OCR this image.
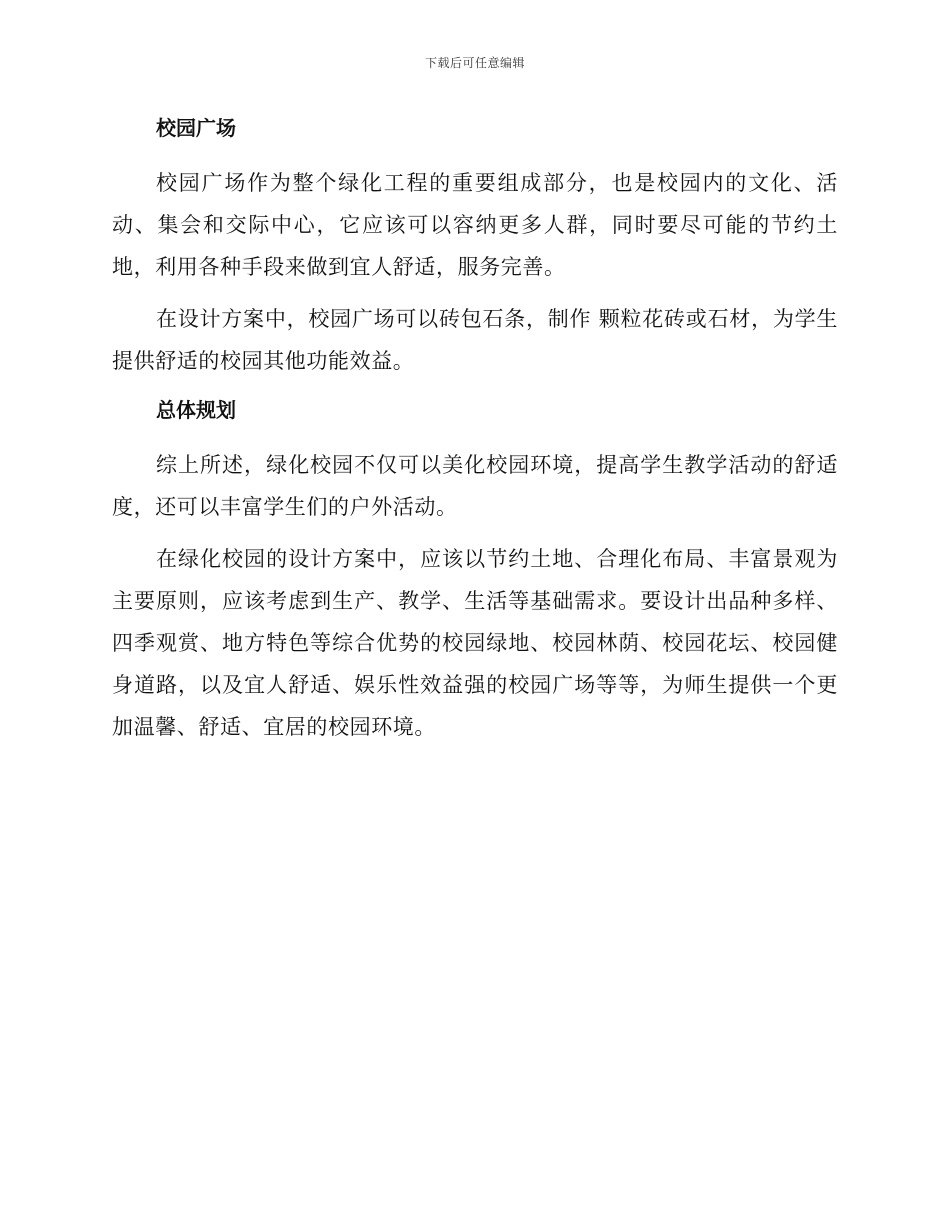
下载后可任意编辑
校园广场

校园广场作为整个绿化工程的重要组成部分，也是校园内的文化、活动、集会和交际中心，它应该可以容纳更多人群，同时要尽可能的节约土地，利用各种手段来做到宜人舒适，服务完善。

在设计方案中，校园广场可以砖包石条，制作 颗粒花砖或石材，为学生提供舒适的校园其他功能效益。

总体规划

综上所述，绿化校园不仅可以美化校园环境，提高学生教学活动的舒适度，还可以丰富学生们的户外活动。

在绿化校园的设计方案中，应该以节约土地、合理化布局、丰富景观为主要原则，应该考虑到生产、教学、生活等基础需求。要设计出品种多样、四季观赏、地方特色等综合优势的校园绿地、校园林荫、校园花坛、校园健身道路，以及宜人舒适、娱乐性效益强的校园广场等等，为师生提供一个更加温馨、舒适、宜居的校园环境。
